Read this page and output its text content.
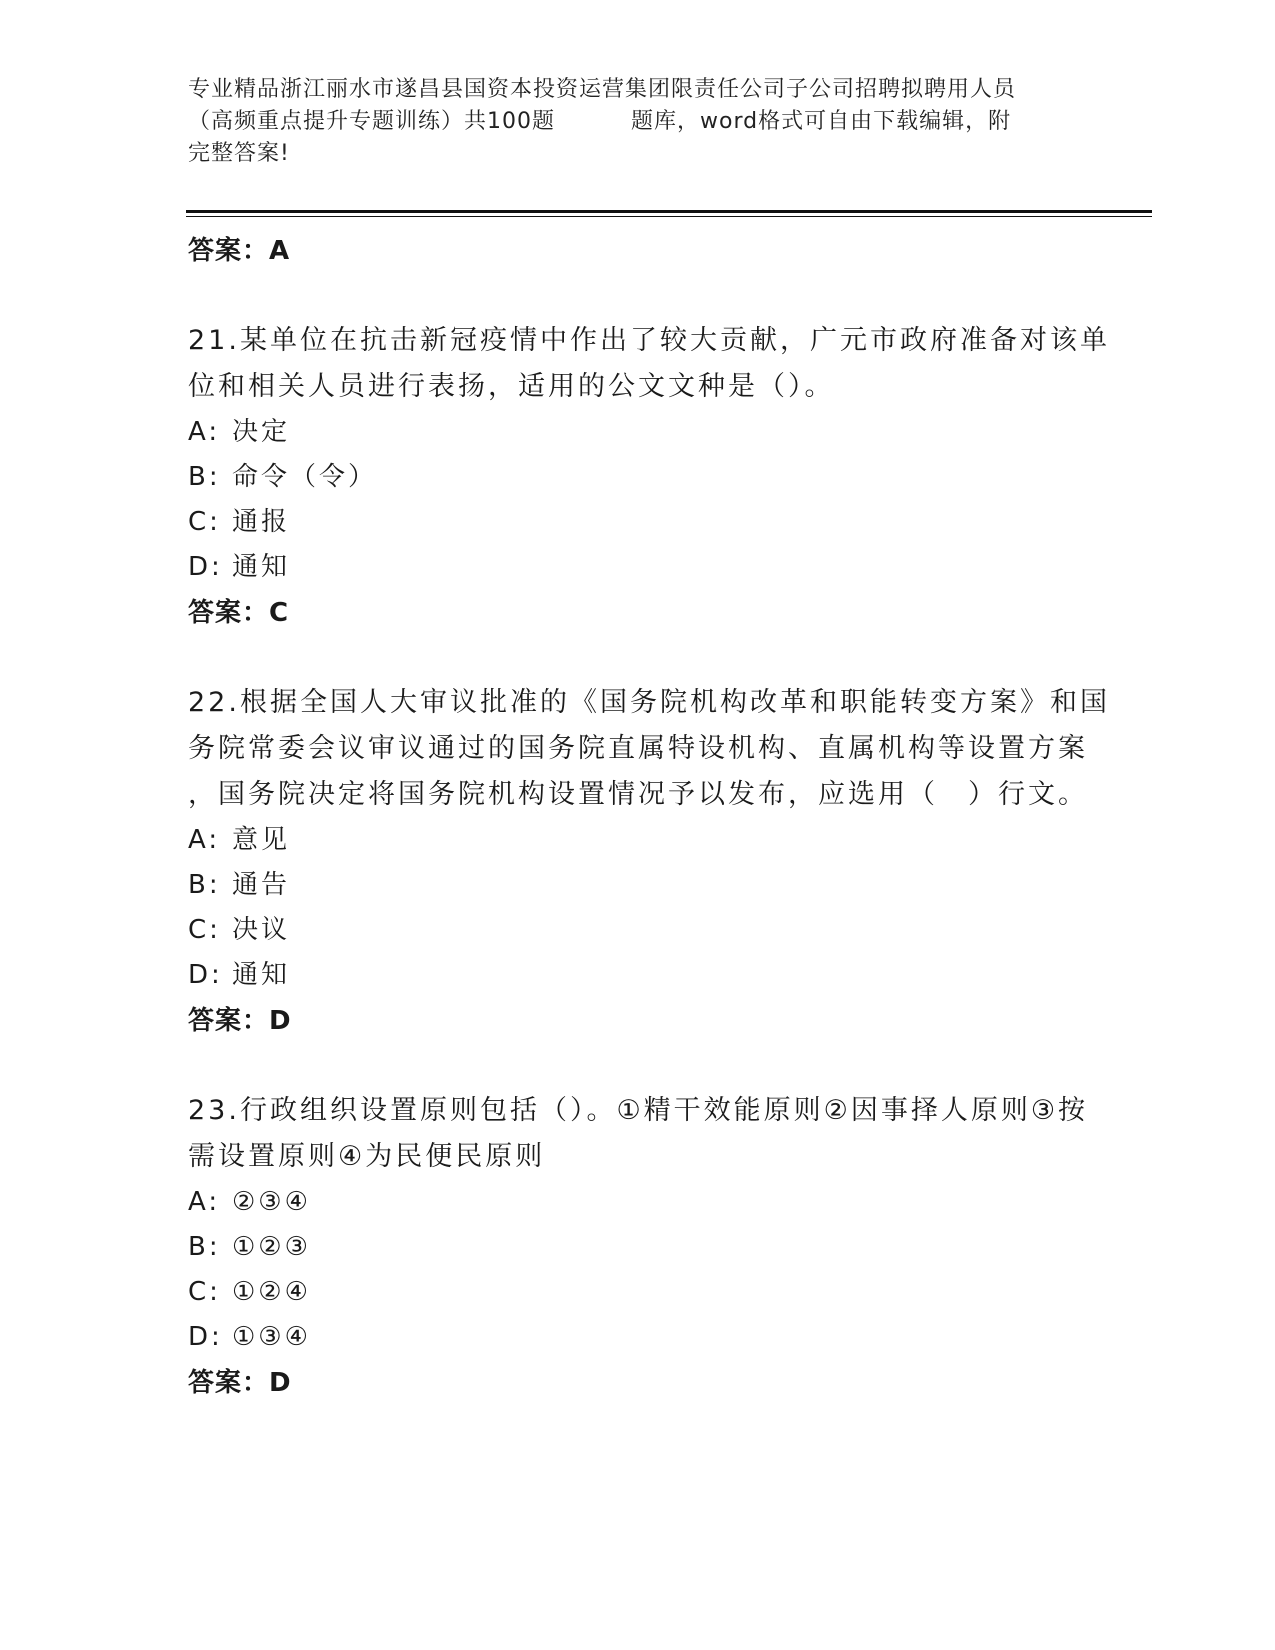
专业精品浙江丽水市遂昌县国资本投资运营集团限责任公司子公司招聘拟聘用人员
（高频重点提升专题训练）共100题	题库，word格式可自由下载编辑，附
完整答案!
答案：A
21.某单位在抗击新冠疫情中作出了较大贡献，广元市政府准备对该单
位和相关人员进行表扬，适用的公文文种是（）。
A: 决定
B: 命令（令）
C: 通报
D: 通知
答案：C
22.根据全国人大审议批准的《国务院机构改革和职能转变方案》和国
务院常委会议审议通过的国务院直属特设机构、直属机构等设置方案
，国务院决定将国务院机构设置情况予以发布，应选用（　）行文。
A: 意见
B: 通告
C: 决议
D: 通知
答案：D
23.行政组织设置原则包括（）。①精干效能原则②因事择人原则③按
需设置原则④为民便民原则
A: ②③④
B: ①②③
C: ①②④
D: ①③④
答案：D
